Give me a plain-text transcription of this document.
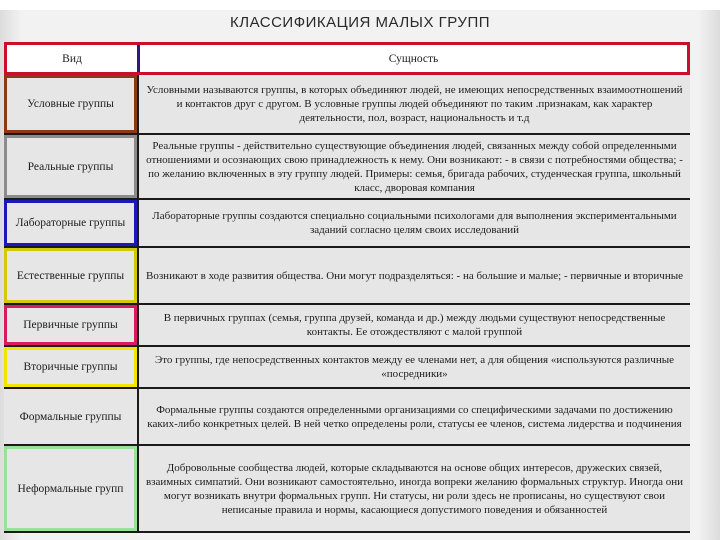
КЛАССИФИКАЦИЯ МАЛЫХ ГРУПП
Вид	Сущность
Условные группы
Условными называются группы, в которых объединяют людей, не имеющих непосредственных взаимоотношений и контактов друг с другом. В условные группы людей объединяют по таким .признакам, как характер деятельности, пол, возраст, национальность и т.д
Реальные группы
Реальные группы - действительно существующие объединения людей, связанных между собой определенными отношениями и осознающих свою принадлежность к нему. Они возникают: - в связи с потребностями общества; - по желанию включенных в эту группу людей. Примеры: семья, бригада рабочих, студенческая группа, школьный класс, дворовая компания
Лабораторные группы
Лабораторные группы создаются специально социальными психологами для выполнения экспериментальными заданий согласно целям своих исследований
Естественные группы	Возникают в ходе развития общества. Они могут подразделяться: - на большие и малые; - первичные и вторичные
Первичные группы
В первичных группах (семья, группа друзей, команда и др.) между людьми существуют непосредственные контакты. Ее отождествляют с малой группой
Вторичные группы
Это группы, где непосредственных контактов между ее членами нет, а для общения «используются различные «посредники»
Формальные группы
Формальные группы создаются определенными организациями со специфическими задачами по достижению каких-либо конкретных целей. В ней четко определены роли, статусы ее членов, система лидерства и подчинения
Неформальные групп
Добровольные сообщества людей, которые складываются на основе общих интересов, дружеских связей, взаимных симпатий. Они возникают самостоятельно, иногда вопреки желанию формальных структур. Иногда они могут возникать внутри формальных групп. Ни статусы, ни роли здесь не прописаны, но существуют свои неписаные правила и нормы, касающиеся допустимого поведения и обязанностей
